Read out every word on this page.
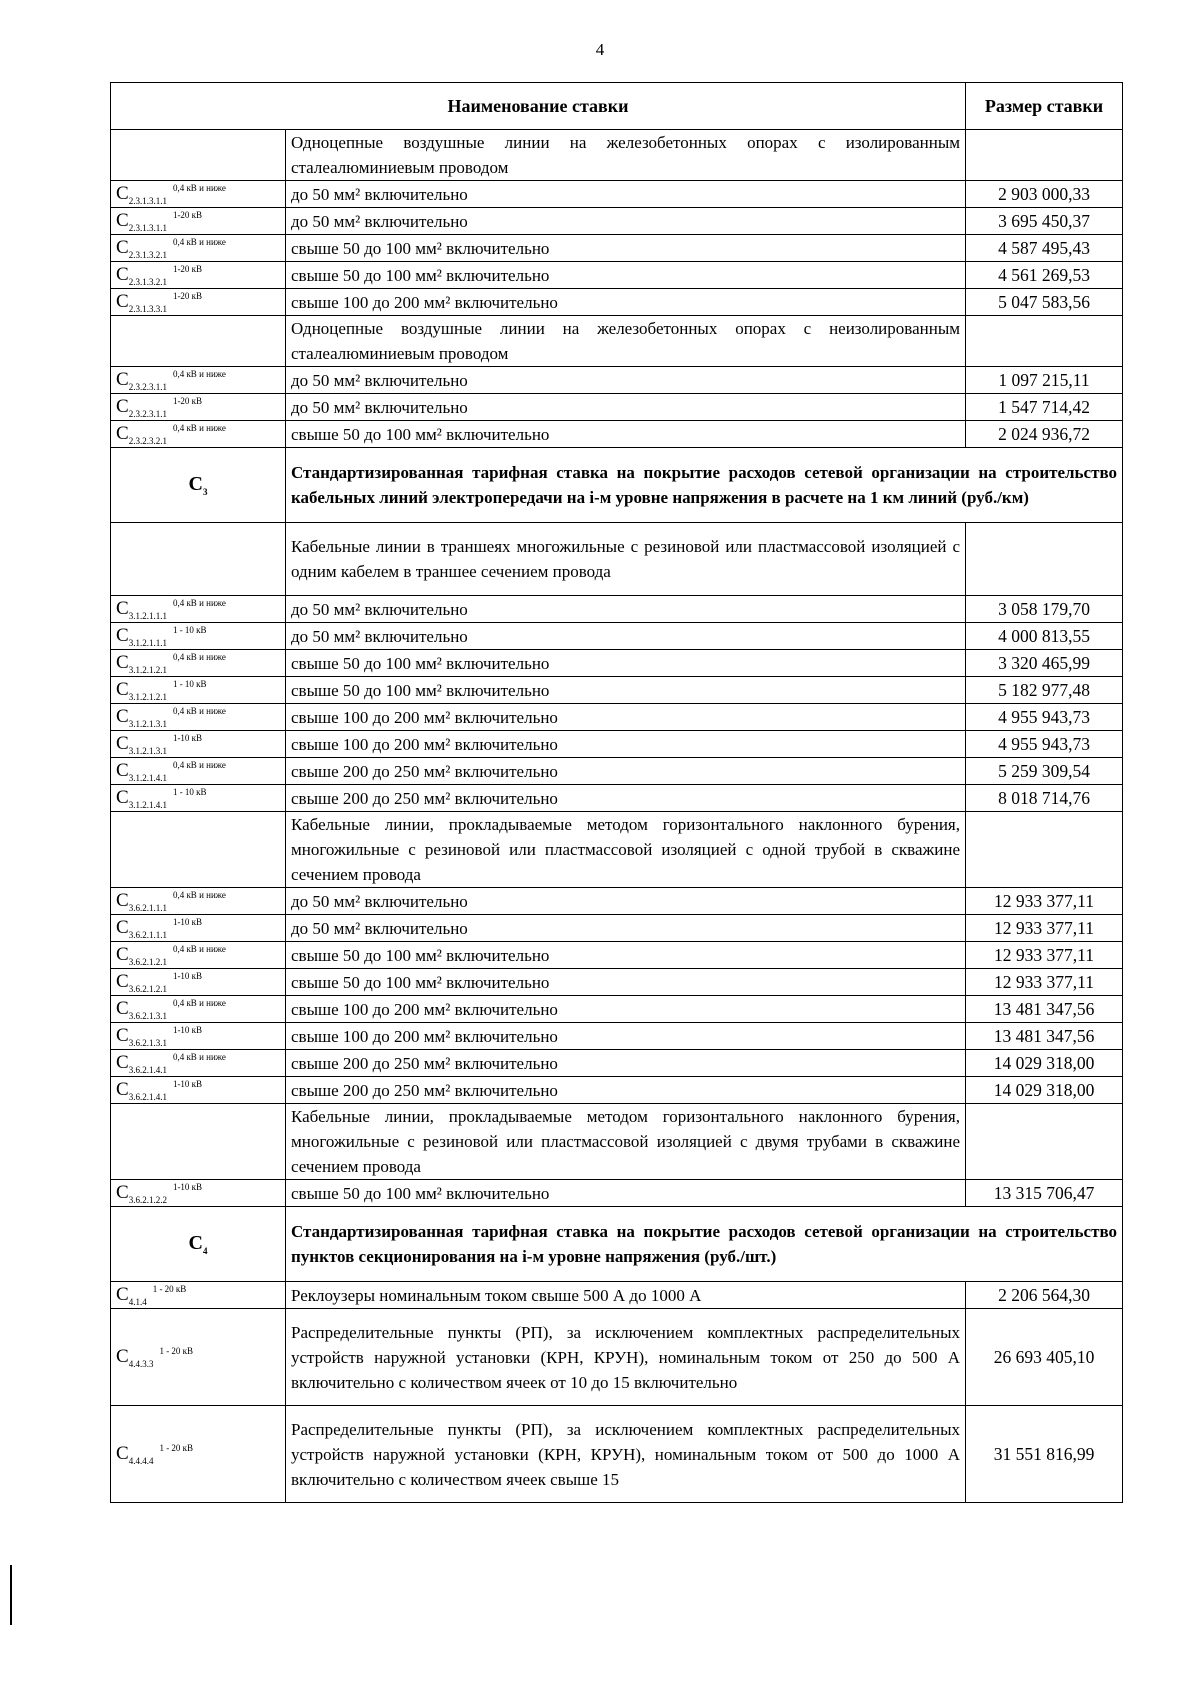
4
Наименование ставки		Размер ставки
	Одноцепные воздушные линии на железобетонных опорах с изолированным сталеалюминиевым проводом	
$C_{2.3.1.3.1.1}^{0,4 кВ и ниже}$	до 50 мм² включительно	2 903 000,33
$C_{2.3.1.3.1.1}^{1-20 кВ}$	до 50 мм² включительно	3 695 450,37
$C_{2.3.1.3.2.1}^{0,4 кВ и ниже}$	свыше 50 до 100 мм² включительно	4 587 495,43
$C_{2.3.1.3.2.1}^{1-20 кВ}$	свыше 50 до 100 мм² включительно	4 561 269,53
$C_{2.3.1.3.3.1}^{1-20 кВ}$	свыше 100 до 200 мм² включительно	5 047 583,56
	Одноцепные воздушные линии на железобетонных опорах с неизолированным сталеалюминиевым проводом	
$C_{2.3.2.3.1.1}^{0,4 кВ и ниже}$	до 50 мм² включительно	1 097 215,11
$C_{2.3.2.3.1.1}^{1-20 кВ}$	до 50 мм² включительно	1 547 714,42
$C_{2.3.2.3.2.1}^{0,4 кВ и ниже}$	свыше 50 до 100 мм² включительно	2 024 936,72
$C_3$	Стандартизированная тарифная ставка на покрытие расходов сетевой организации на строительство кабельных линий электропередачи на i-м уровне напряжения в расчете на 1 км линий (руб./км)	
	Кабельные линии в траншеях многожильные с резиновой или пластмассовой изоляцией с одним кабелем в траншее сечением провода	
$C_{3.1.2.1.1.1}^{0,4 кВ и ниже}$	до 50 мм² включительно	3 058 179,70
$C_{3.1.2.1.1.1}^{1 - 10 кВ}$	до 50 мм² включительно	4 000 813,55
$C_{3.1.2.1.2.1}^{0,4 кВ и ниже}$	свыше 50 до 100 мм² включительно	3 320 465,99
$C_{3.1.2.1.2.1}^{1 - 10 кВ}$	свыше 50 до 100 мм² включительно	5 182 977,48
$C_{3.1.2.1.3.1}^{0,4 кВ и ниже}$	свыше 100 до 200 мм² включительно	4 955 943,73
$C_{3.1.2.1.3.1}^{1-10 кВ}$	свыше 100 до 200 мм² включительно	4 955 943,73
$C_{3.1.2.1.4.1}^{0,4 кВ и ниже}$	свыше 200 до 250 мм² включительно	5 259 309,54
$C_{3.1.2.1.4.1}^{1 - 10 кВ}$	свыше 200 до 250 мм² включительно	8 018 714,76
	Кабельные линии, прокладываемые методом горизонтального наклонного бурения, многожильные с резиновой или пластмассовой изоляцией с одной трубой в скважине сечением провода	
$C_{3.6.2.1.1.1}^{0,4 кВ и ниже}$	до 50 мм² включительно	12 933 377,11
$C_{3.6.2.1.1.1}^{1-10 кВ}$	до 50 мм² включительно	12 933 377,11
$C_{3.6.2.1.2.1}^{0,4 кВ и ниже}$	свыше 50 до 100 мм² включительно	12 933 377,11
$C_{3.6.2.1.2.1}^{1-10 кВ}$	свыше 50 до 100 мм² включительно	12 933 377,11
$C_{3.6.2.1.3.1}^{0,4 кВ и ниже}$	свыше 100 до 200 мм² включительно	13 481 347,56
$C_{3.6.2.1.3.1}^{1-10 кВ}$	свыше 100 до 200 мм² включительно	13 481 347,56
$C_{3.6.2.1.4.1}^{0,4 кВ и ниже}$	свыше 200 до 250 мм² включительно	14 029 318,00
$C_{3.6.2.1.4.1}^{1-10 кВ}$	свыше 200 до 250 мм² включительно	14 029 318,00
	Кабельные линии, прокладываемые методом горизонтального наклонного бурения, многожильные с резиновой или пластмассовой изоляцией с двумя трубами в скважине сечением провода	
$C_{3.6.2.1.2.2}^{1-10 кВ}$	свыше 50 до 100 мм² включительно	13 315 706,47
$C_4$	Стандартизированная тарифная ставка на покрытие расходов сетевой организации на строительство пунктов секционирования на i-м уровне напряжения (руб./шт.)	
$C_{4.1.4}^{1 - 20 кВ}$	Реклоузеры номинальным током свыше 500 А до 1000 А	2 206 564,30
$C_{4.4.3.3}^{1 - 20 кВ}$	Распределительные пункты (РП), за исключением комплектных распределительных устройств наружной установки (КРН, КРУН), номинальным током от 250 до 500 А включительно с количеством ячеек от 10 до 15 включительно	26 693 405,10
$C_{4.4.4.4}^{1 - 20 кВ}$	Распределительные пункты (РП), за исключением комплектных распределительных устройств наружной установки (КРН, КРУН), номинальным током от 500 до 1000 А включительно с количеством ячеек свыше 15	31 551 816,99
